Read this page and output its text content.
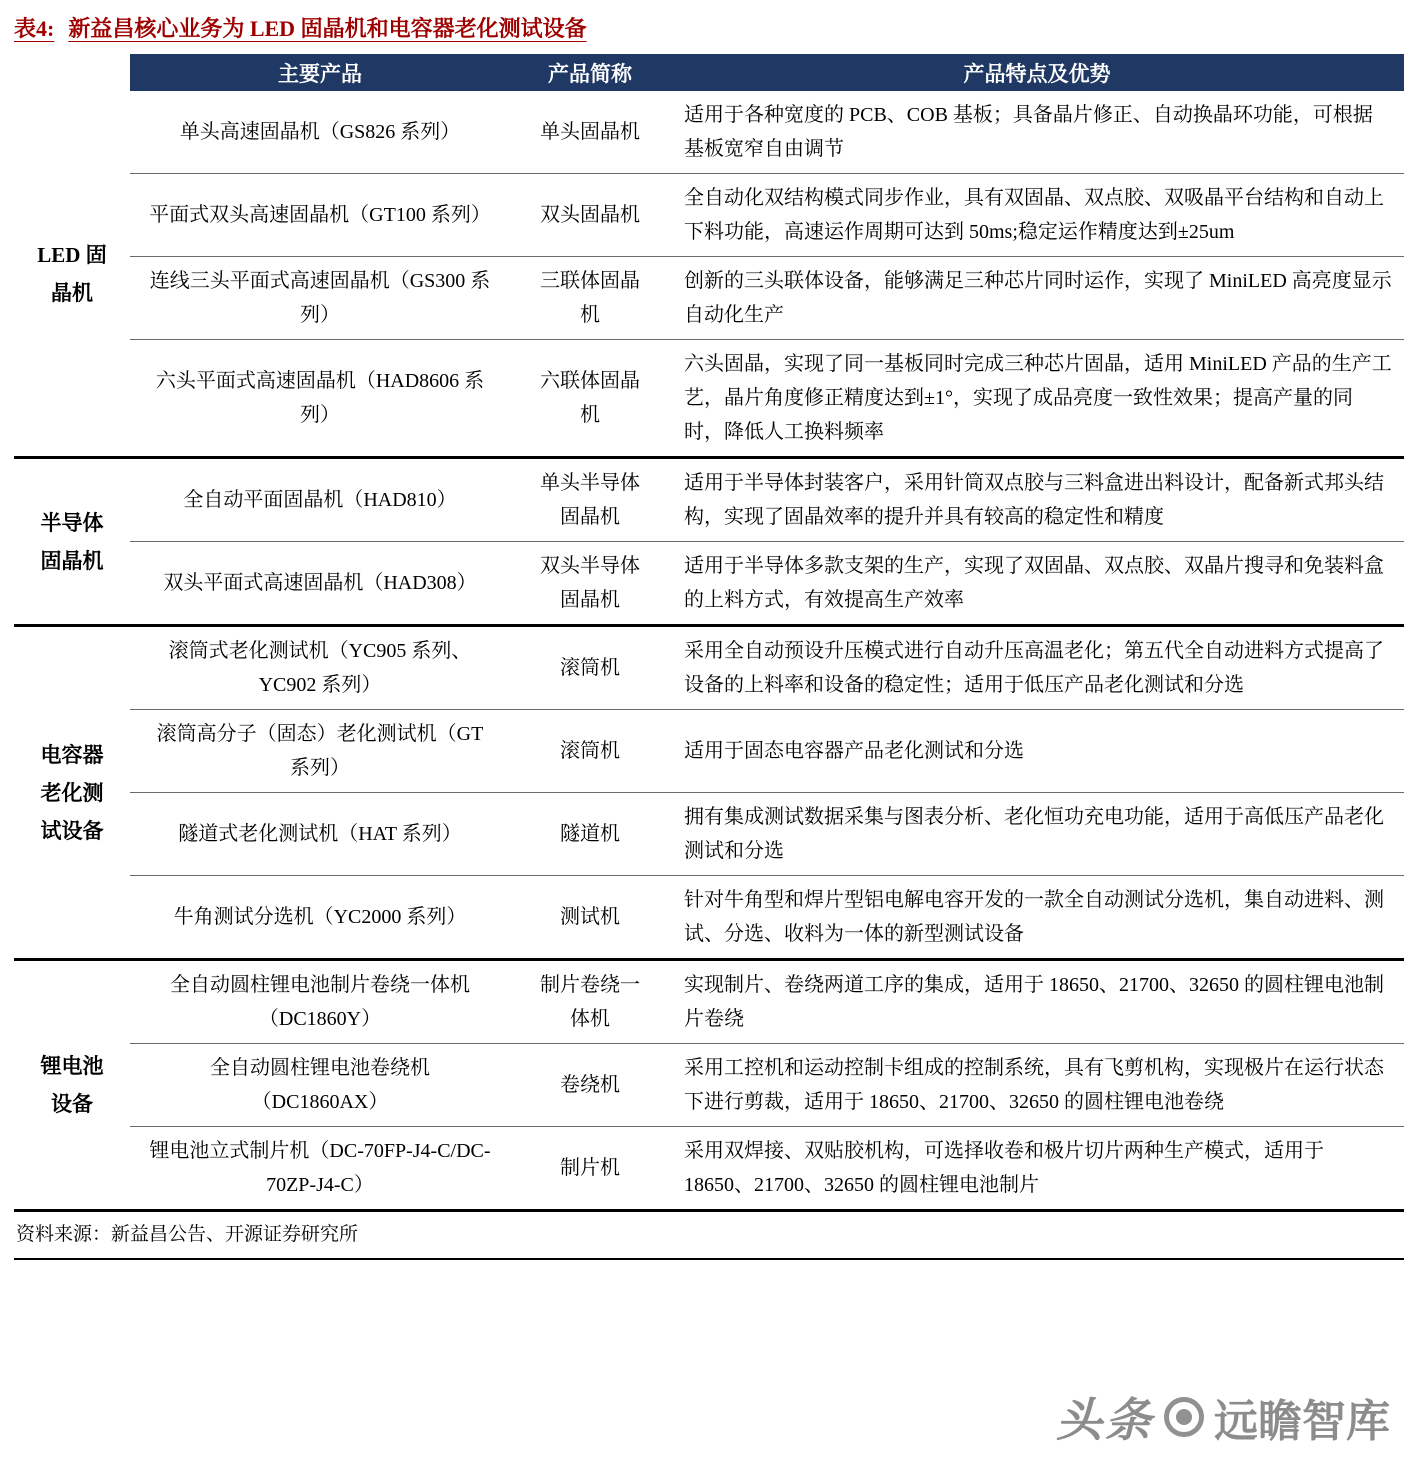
表4: 新益昌核心业务为 LED 固晶机和电容器老化测试设备
	主要产品	产品简称	产品特点及优势
LED 固晶机	单头高速固晶机（GS826 系列）	单头固晶机	适用于各种宽度的 PCB、COB 基板；具备晶片修正、自动换晶环功能，可根据基板宽窄自由调节
	平面式双头高速固晶机（GT100 系列）	双头固晶机	全自动化双结构模式同步作业，具有双固晶、双点胶、双吸晶平台结构和自动上下料功能，高速运作周期可达到 50ms;稳定运作精度达到±25um
	连线三头平面式高速固晶机（GS300 系列）	三联体固晶机	创新的三头联体设备，能够满足三种芯片同时运作，实现了 MiniLED 高亮度显示自动化生产
	六头平面式高速固晶机（HAD8606 系列）	六联体固晶机	六头固晶，实现了同一基板同时完成三种芯片固晶，适用 MiniLED 产品的生产工艺，晶片角度修正精度达到±1°，实现了成品亮度一致性效果；提高产量的同时，降低人工换料频率
半导体固晶机	全自动平面固晶机（HAD810）	单头半导体固晶机	适用于半导体封装客户，采用针筒双点胶与三料盒进出料设计，配备新式邦头结构，实现了固晶效率的提升并具有较高的稳定性和精度
	双头平面式高速固晶机（HAD308）	双头半导体固晶机	适用于半导体多款支架的生产，实现了双固晶、双点胶、双晶片搜寻和免装料盒的上料方式，有效提高生产效率
电容器老化测试设备	滚筒式老化测试机（YC905 系列、YC902 系列）	滚筒机	采用全自动预设升压模式进行自动升压高温老化；第五代全自动进料方式提高了设备的上料率和设备的稳定性；适用于低压产品老化测试和分选
	滚筒高分子（固态）老化测试机（GT 系列）	滚筒机	适用于固态电容器产品老化测试和分选
	隧道式老化测试机（HAT 系列）	隧道机	拥有集成测试数据采集与图表分析、老化恒功充电功能，适用于高低压产品老化测试和分选
	牛角测试分选机（YC2000 系列）	测试机	针对牛角型和焊片型铝电解电容开发的一款全自动测试分选机，集自动进料、测试、分选、收料为一体的新型测试设备
锂电池设备	全自动圆柱锂电池制片卷绕一体机（DC1860Y）	制片卷绕一体机	实现制片、卷绕两道工序的集成，适用于 18650、21700、32650 的圆柱锂电池制片卷绕
	全自动圆柱锂电池卷绕机（DC1860AX）	卷绕机	采用工控机和运动控制卡组成的控制系统，具有飞剪机构，实现极片在运行状态下进行剪裁，适用于 18650、21700、32650 的圆柱锂电池卷绕
	锂电池立式制片机（DC-70FP-J4-C/DC-70ZP-J4-C）	制片机	采用双焊接、双贴胶机构，可选择收卷和极片切片两种生产模式，适用于 18650、21700、32650 的圆柱锂电池制片
资料来源：新益昌公告、开源证券研究所
头条 远瞻智库
